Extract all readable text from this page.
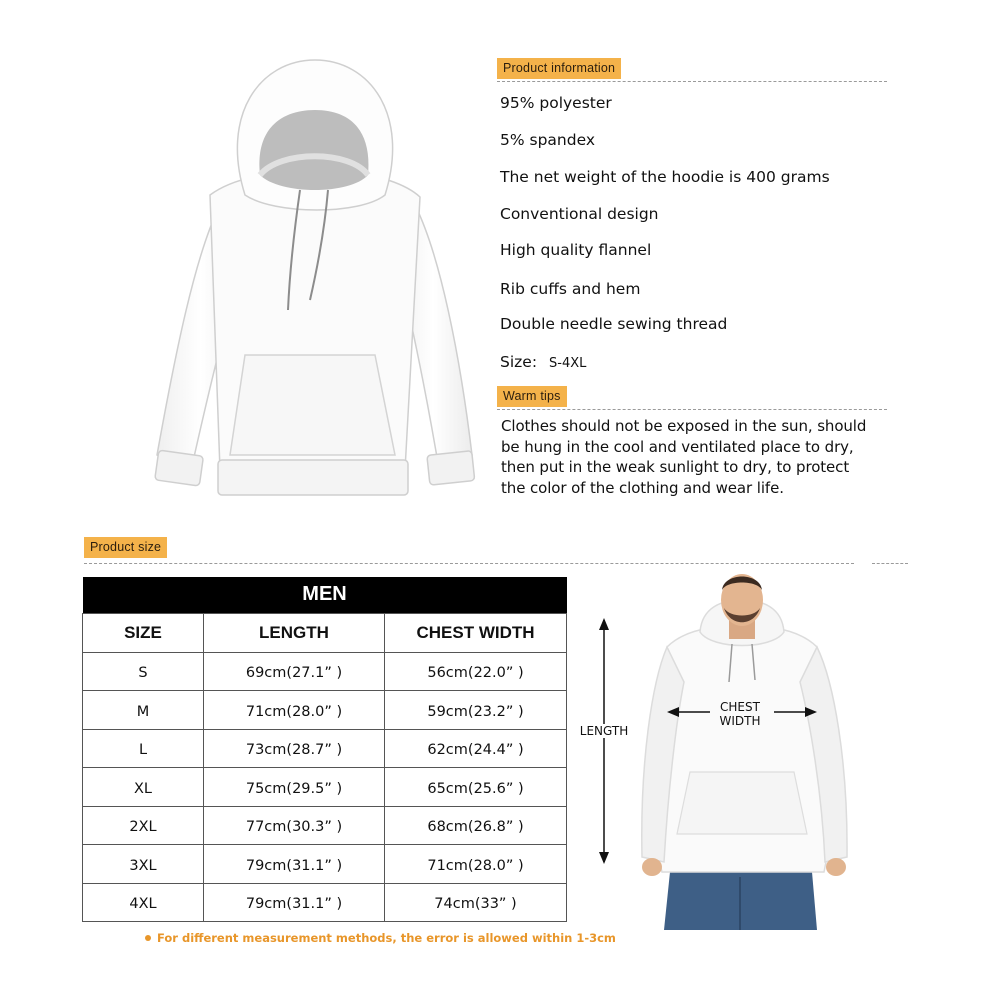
Product information
95% polyester
5% spandex
The net weight of the hoodie is 400 grams
Conventional design
High quality flannel
Rib cuffs and hem
Double needle sewing thread
Size: S-4XL
Warm tips
Clothes should not be exposed in the sun, should
be hung in the cool and ventilated place to dry,
then put in the weak sunlight to dry, to protect
the color of the clothing and wear life.
Product size
MEN		
SIZE	LENGTH	CHEST WIDTH
S	69cm(27.1” )	56cm(22.0” )
M	71cm(28.0” )	59cm(23.2” )
L	73cm(28.7” )	62cm(24.4” )
XL	75cm(29.5” )	65cm(25.6” )
2XL	77cm(30.3” )	68cm(26.8” )
3XL	79cm(31.1” )	71cm(28.0” )
4XL	79cm(31.1” )	74cm(33” )
For different measurement methods, the error is allowed within 1-3cm
LENGTH
CHEST
WIDTH
